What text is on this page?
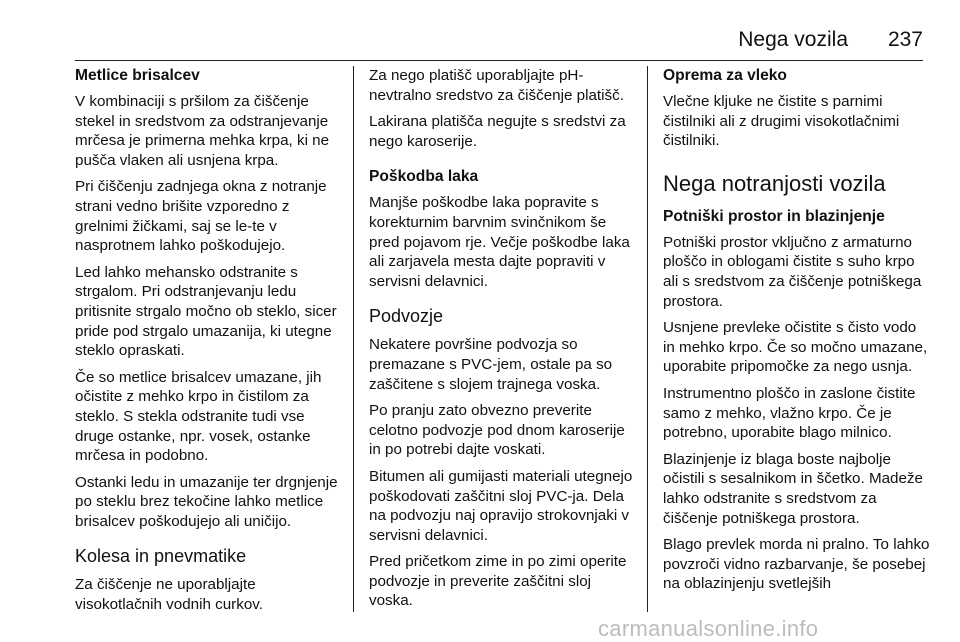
Nega vozila 237
Metlice brisalcev

V kombinaciji s pršilom za čiščenje stekel in sredstvom za odstranjevanje mrčesa je primerna mehka krpa, ki ne pušča vlaken ali usnjena krpa.

Pri čiščenju zadnjega okna z notranje strani vedno brišite vzporedno z grelnimi žičkami, saj se le-te v nasprotnem lahko poškodujejo.

Led lahko mehansko odstranite s strgalom. Pri odstranjevanju ledu pritisnite strgalo močno ob steklo, sicer pride pod strgalo umazanija, ki utegne steklo opraskati.

Če so metlice brisalcev umazane, jih očistite z mehko krpo in čistilom za steklo. S stekla odstranite tudi vse druge ostanke, npr. vosek, ostanke mrčesa in podobno.

Ostanki ledu in umazanije ter drgnjenje po steklu brez tekočine lahko metlice brisalcev poškodujejo ali uničijo.

Kolesa in pnevmatike

Za čiščenje ne uporabljajte visokotlačnih vodnih curkov.

Za nego platišč uporabljajte pH-nevtralno sredstvo za čiščenje platišč.

Lakirana platišča negujte s sredstvi za nego karoserije.

Poškodba laka

Manjše poškodbe laka popravite s korekturnim barvnim svinčnikom še pred pojavom rje. Večje poškodbe laka ali zarjavela mesta dajte popraviti v servisni delavnici.

Podvozje

Nekatere površine podvozja so premazane s PVC-jem, ostale pa so zaščitene s slojem trajnega voska.

Po pranju zato obvezno preverite celotno podvozje pod dnom karoserije in po potrebi dajte voskati.

Bitumen ali gumijasti materiali utegnejo poškodovati zaščitni sloj PVC-ja. Dela na podvozju naj opravijo strokovnjaki v servisni delavnici.

Pred pričetkom zime in po zimi operite podvozje in preverite zaščitni sloj voska.

Oprema za vleko

Vlečne kljuke ne čistite s parnimi čistilniki ali z drugimi visokotlačnimi čistilniki.

Nega notranjosti vozila
Potniški prostor in blazinjenje

Potniški prostor vključno z armaturno ploščo in oblogami čistite s suho krpo ali s sredstvom za čiščenje potniškega prostora.

Usnjene prevleke očistite s čisto vodo in mehko krpo. Če so močno umazane, uporabite pripomočke za nego usnja.

Instrumentno ploščo in zaslone čistite samo z mehko, vlažno krpo. Če je potrebno, uporabite blago milnico.

Blazinjenje iz blaga boste najbolje očistili s sesalnikom in ščetko. Madeže lahko odstranite s sredstvom za čiščenje potniškega prostora.

Blago prevlek morda ni pralno. To lahko povzroči vidno razbarvanje, še posebej na oblazinjenju svetlejših

carmanualsonline.info
